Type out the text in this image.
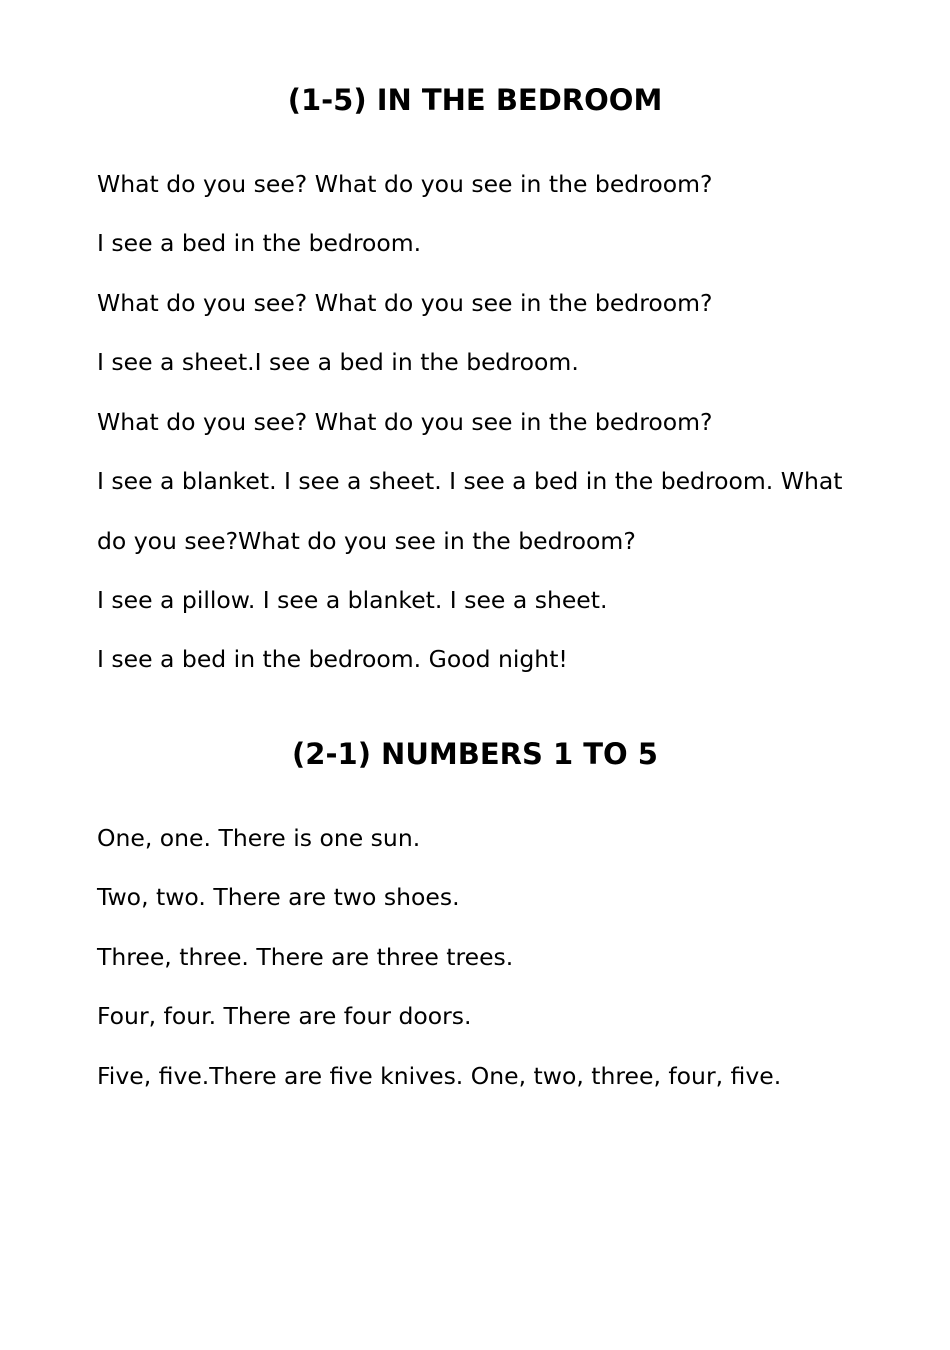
(1-5) IN THE BEDROOM

What do you see? What do you see in the bedroom?

I see a bed in the bedroom.

What do you see? What do you see in the bedroom?

I see a sheet.I see a bed in the bedroom.

What do you see? What do you see in the bedroom?

I see a blanket. I see a sheet. I see a bed in the bedroom. What

do you see?What do you see in the bedroom?

I see a pillow. I see a blanket. I see a sheet.

I see a bed in the bedroom. Good night!

(2-1) NUMBERS 1 TO 5

One, one. There is one sun.

Two, two. There are two shoes.

Three, three. There are three trees.

Four, four. There are four doors.

Five, five.There are five knives. One, two, three, four, five.
